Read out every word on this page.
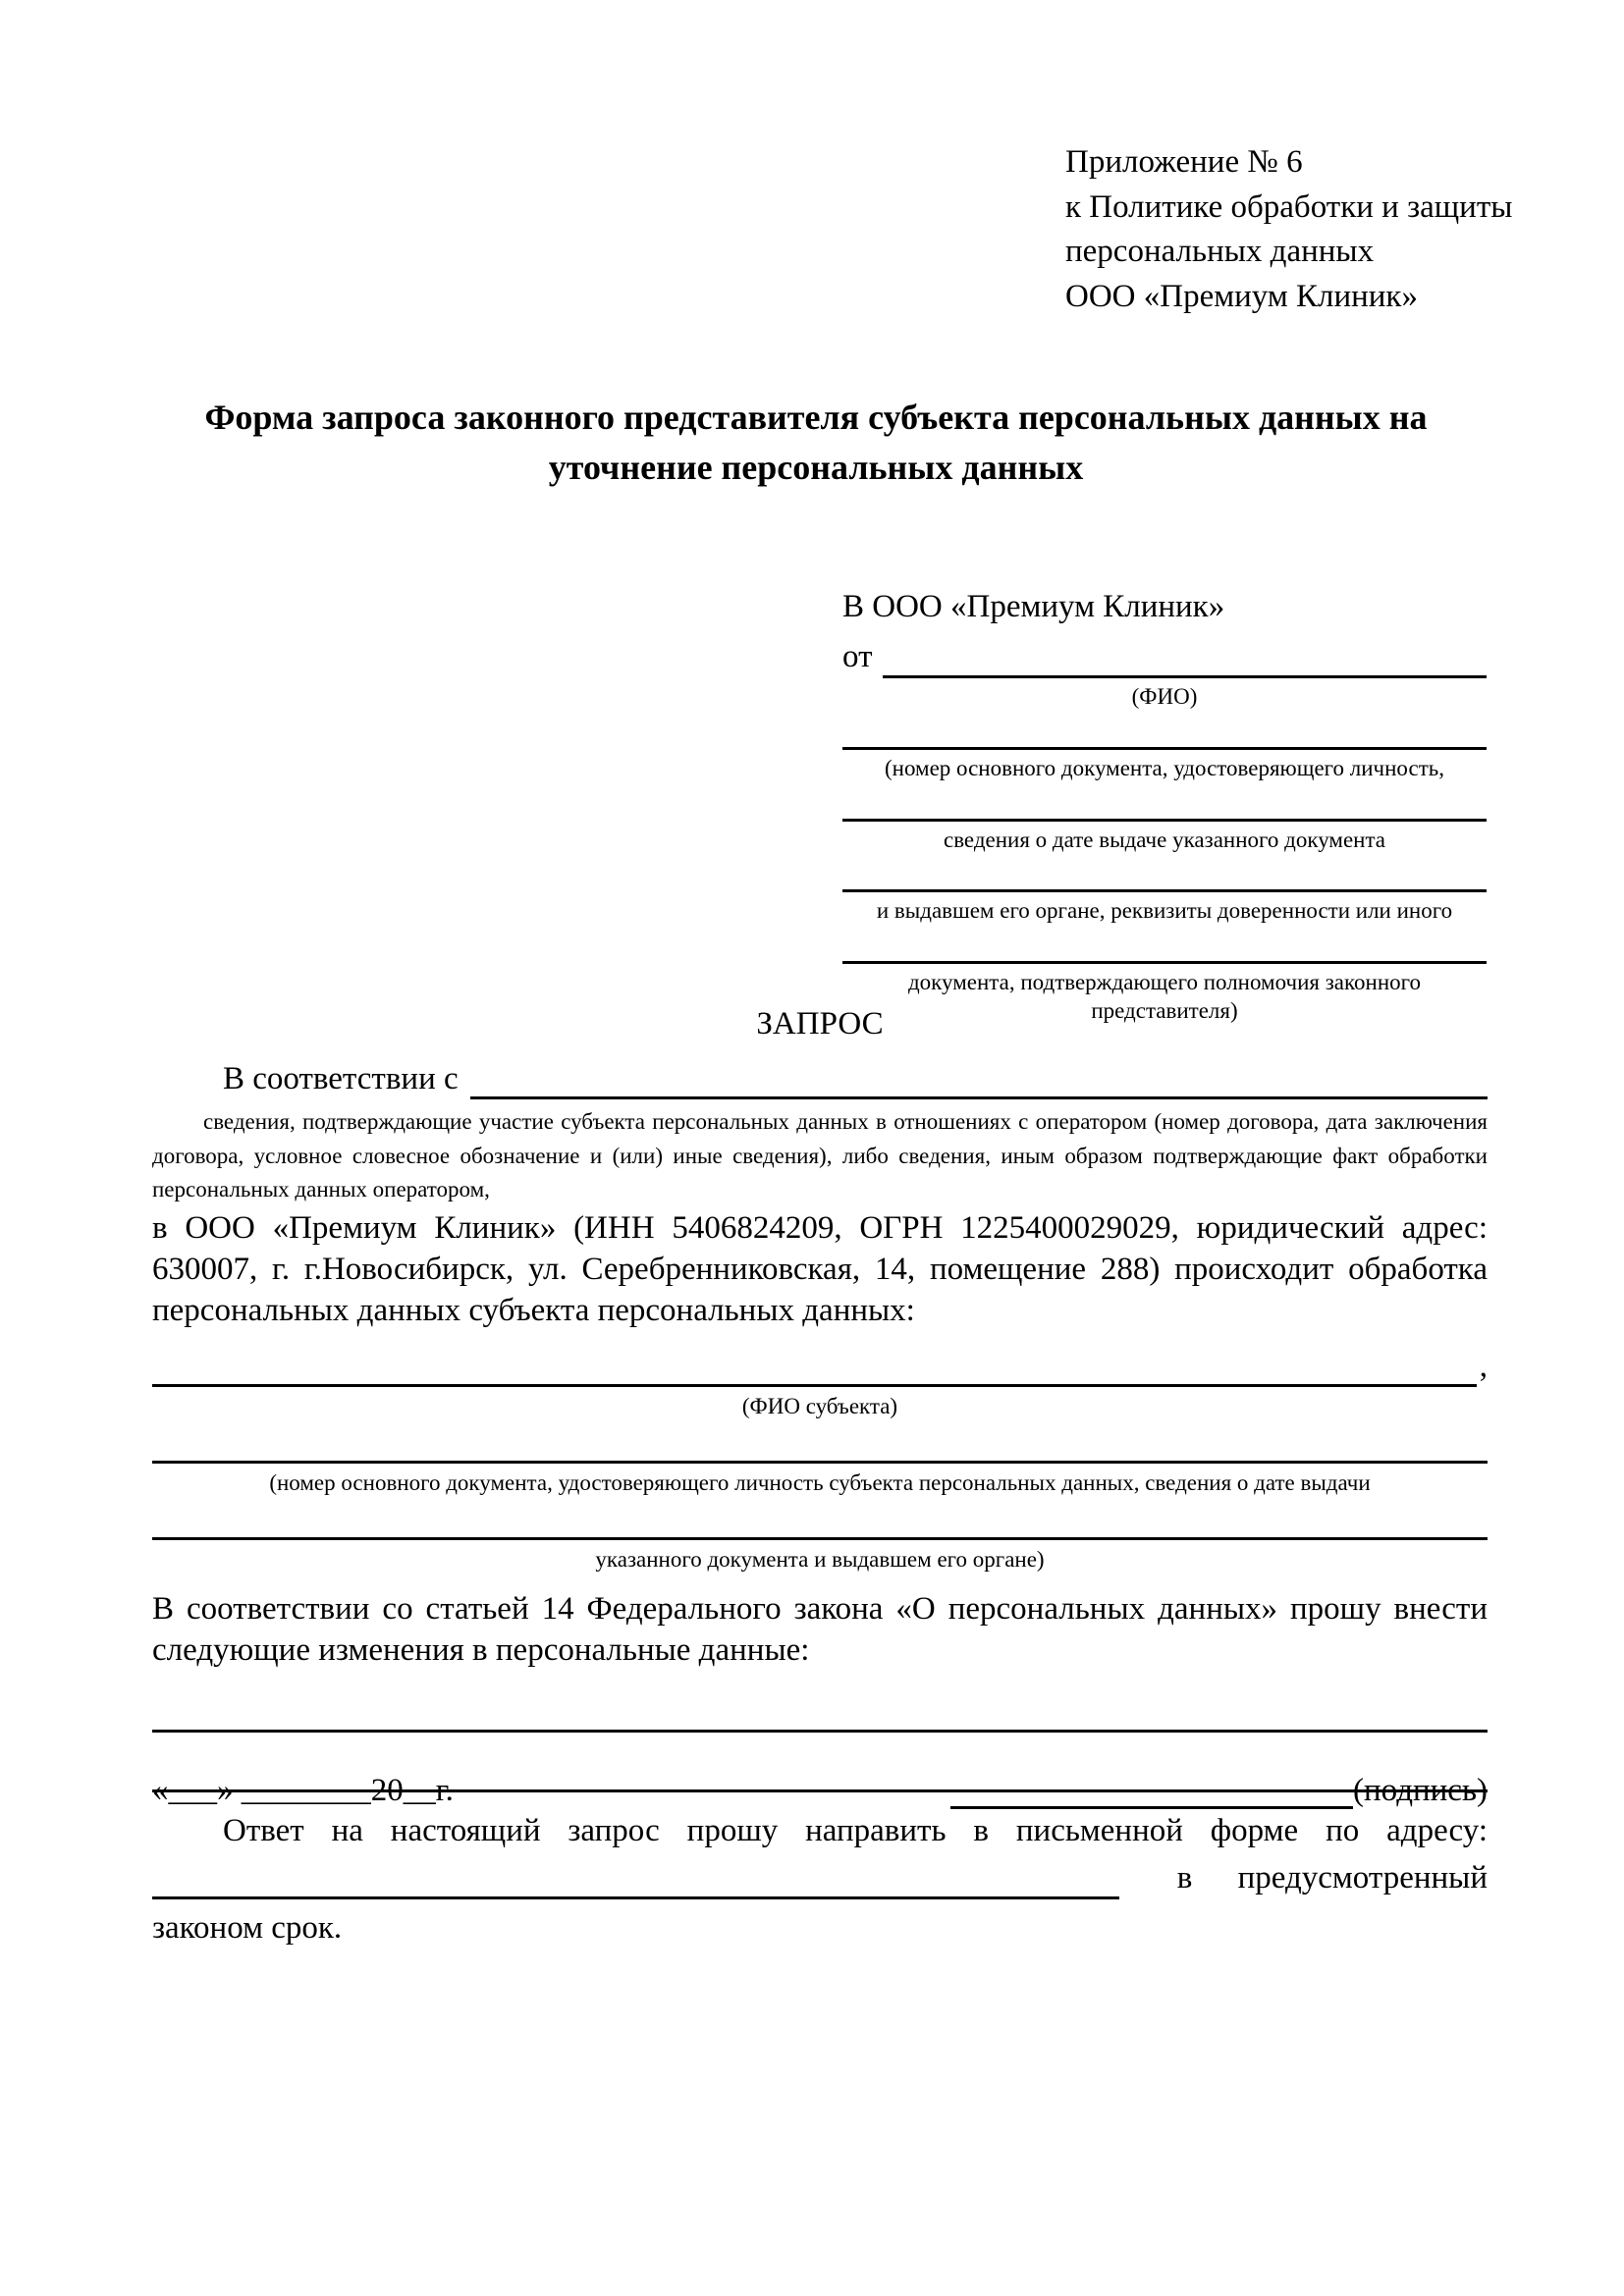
Приложение № 6
к Политике обработки и защиты
персональных данных
ООО «Премиум Клиник»
Форма запроса законного представителя субъекта персональных данных на уточнение персональных данных
В ООО «Премиум Клиник»
от
(ФИО)
(номер основного документа, удостоверяющего личность,
сведения о дате выдаче указанного документа
и выдавшем его органе, реквизиты доверенности или иного
документа, подтверждающего полномочия законного представителя)
ЗАПРОС
В соответствии с
сведения, подтверждающие участие субъекта персональных данных в отношениях с оператором (номер договора, дата заключения договора, условное словесное обозначение и (или) иные сведения), либо сведения, иным образом подтверждающие факт обработки персональных данных оператором,
в ООО «Премиум Клиник» (ИНН 5406824209, ОГРН 1225400029029, юридический адрес: 630007, г. г.Новосибирск, ул. Серебренниковская, 14, помещение 288) происходит обработка персональных данных субъекта персональных данных:
,
(ФИО субъекта)
(номер основного документа, удостоверяющего личность субъекта персональных данных, сведения о дате выдачи
указанного документа и выдавшем его органе)
В соответствии со статьей 14 Федерального закона «О персональных данных» прошу внести следующие изменения в персональные данные:
Ответ на настоящий запрос прошу направить в письменной форме по адресу:
в предусмотренный
законом срок.
«___» ________20__г.	(подпись)
